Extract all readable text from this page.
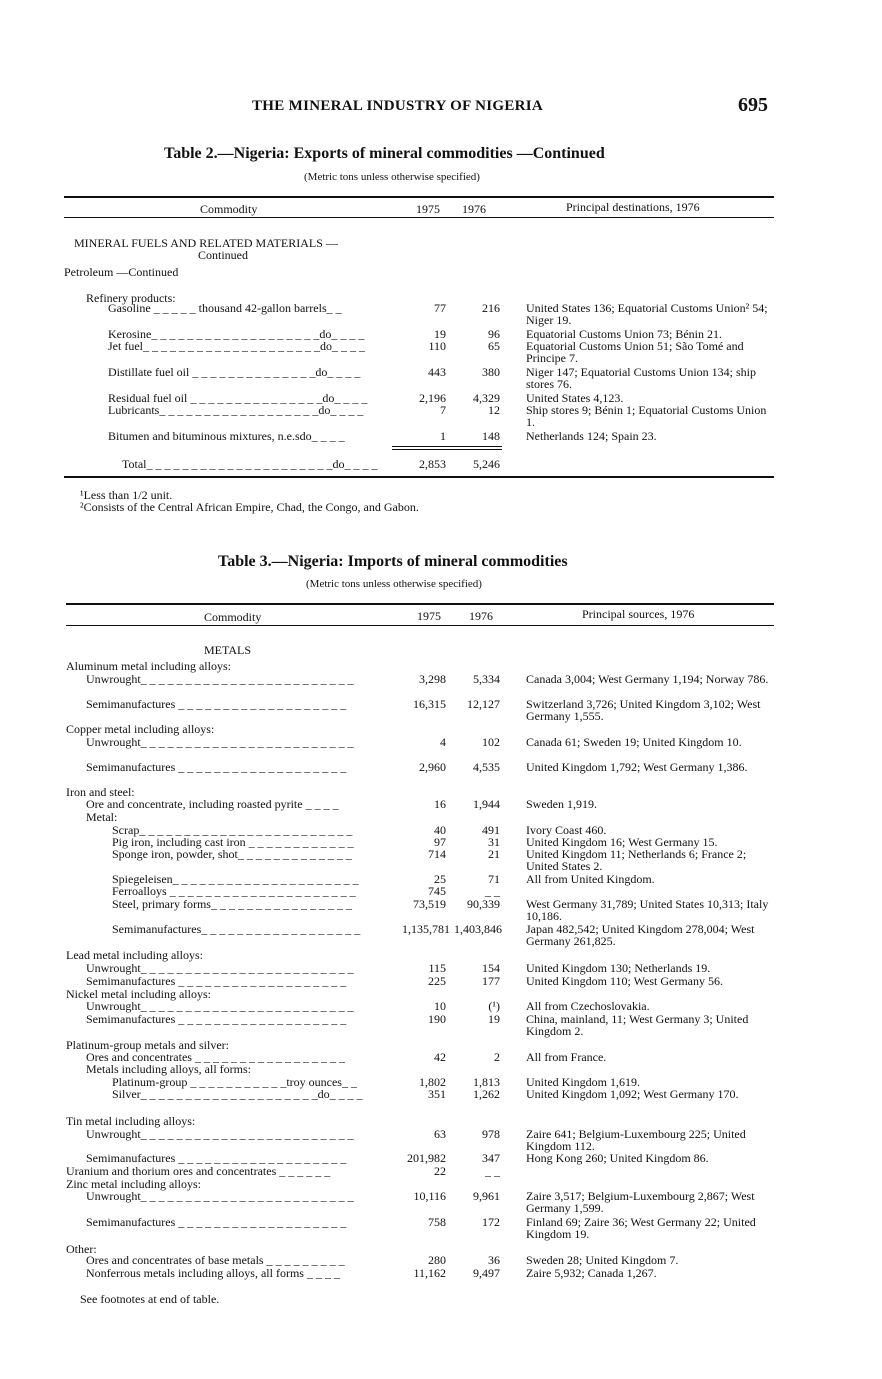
THE MINERAL INDUSTRY OF NIGERIA	695
Table 2.—Nigeria: Exports of mineral commodities —Continued
(Metric tons unless otherwise specified)
Commodity	1975 1976	Principal destinations, 1976
MINERAL FUELS AND RELATED MATERIALS —
Continued
Petroleum —Continued
Refinery products:
Gasoline _ _ _ _ _ thousand 42-gallon barrels_ _	77	216 United States 136; Equatorial Customs Union² 54; Niger 19.
Kerosine_ _ _ _ _ _ _ _ _ _ _ _ _ _ _ _ _ _ _do_ _ _ _	19	96 Equatorial Customs Union 73; Bénin 21.
Jet fuel_ _ _ _ _ _ _ _ _ _ _ _ _ _ _ _ _ _ _ _do_ _ _ _	110	65 Equatorial Customs Union 51; São Tomé and Principe 7.
Distillate fuel oil _ _ _ _ _ _ _ _ _ _ _ _ _ _do_ _ _ _	443	380 Niger 147; Equatorial Customs Union 134; ship stores 76.
Residual fuel oil _ _ _ _ _ _ _ _ _ _ _ _ _ _ _do_ _ _ _	2,196	4,329 United States 4,123.
Lubricants_ _ _ _ _ _ _ _ _ _ _ _ _ _ _ _ _ _do_ _ _ _	7	12 Ship stores 9; Bénin 1; Equatorial Customs Union 1.
Bitumen and bituminous mixtures, n.e.sdo_ _ _ _	1	148 Netherlands 124; Spain 23.
Total_ _ _ _ _ _ _ _ _ _ _ _ _ _ _ _ _ _ _ _ _do_ _ _ _	2,853	5,246
¹Less than 1/2 unit.
²Consists of the Central African Empire, Chad, the Congo, and Gabon.
Table 3.—Nigeria: Imports of mineral commodities
(Metric tons unless otherwise specified)
Commodity	1975 1976	Principal sources, 1976
METALS
Aluminum metal including alloys:
Unwrought_ _ _ _ _ _ _ _ _ _ _ _ _ _ _ _ _ _ _ _ _ _ _ _	3,298	5,334 Canada 3,004; West Germany 1,194; Norway 786.
Semimanufactures _ _ _ _ _ _ _ _ _ _ _ _ _ _ _ _ _ _ _	16,315	12,127 Switzerland 3,726; United Kingdom 3,102; West Germany 1,555.
Copper metal including alloys:
Unwrought_ _ _ _ _ _ _ _ _ _ _ _ _ _ _ _ _ _ _ _ _ _ _ _	4	102 Canada 61; Sweden 19; United Kingdom 10.
Semimanufactures _ _ _ _ _ _ _ _ _ _ _ _ _ _ _ _ _ _ _	2,960	4,535 United Kingdom 1,792; West Germany 1,386.
Iron and steel:
Ore and concentrate, including roasted pyrite _ _ _ _	16	1,944 Sweden 1,919.
Metal:
Scrap_ _ _ _ _ _ _ _ _ _ _ _ _ _ _ _ _ _ _ _ _ _ _ _	40	491 Ivory Coast 460.
Pig iron, including cast iron _ _ _ _ _ _ _ _ _ _ _ _	97	31 United Kingdom 16; West Germany 15.
Sponge iron, powder, shot_ _ _ _ _ _ _ _ _ _ _ _ _	714	21 United Kingdom 11; Netherlands 6; France 2; United States 2.
Spiegeleisen_ _ _ _ _ _ _ _ _ _ _ _ _ _ _ _ _ _ _ _ _	25	71 All from United Kingdom.
Ferroalloys _ _ _ _ _ _ _ _ _ _ _ _ _ _ _ _ _ _ _ _ _	745	_ _
Steel, primary forms_ _ _ _ _ _ _ _ _ _ _ _ _ _ _ _	73,519	90,339 West Germany 31,789; United States 10,313; Italy 10,186.
Semimanufactures_ _ _ _ _ _ _ _ _ _ _ _ _ _ _ _ _ _	1,135,781 1,403,846 Japan 482,542; United Kingdom 278,004; West Germany 261,825.
Lead metal including alloys:
Unwrought_ _ _ _ _ _ _ _ _ _ _ _ _ _ _ _ _ _ _ _ _ _ _ _	115	154 United Kingdom 130; Netherlands 19.
Semimanufactures _ _ _ _ _ _ _ _ _ _ _ _ _ _ _ _ _ _ _	225	177 United Kingdom 110; West Germany 56.
Nickel metal including alloys:
Unwrought_ _ _ _ _ _ _ _ _ _ _ _ _ _ _ _ _ _ _ _ _ _ _ _	10	(¹) All from Czechoslovakia.
Semimanufactures _ _ _ _ _ _ _ _ _ _ _ _ _ _ _ _ _ _ _	190	19 China, mainland, 11; West Germany 3; United Kingdom 2.
Platinum-group metals and silver:
Ores and concentrates _ _ _ _ _ _ _ _ _ _ _ _ _ _ _ _ _	42	2 All from France.
Metals including alloys, all forms:
Platinum-group _ _ _ _ _ _ _ _ _ _ _troy ounces_ _	1,802	1,813 United Kingdom 1,619.
Silver_ _ _ _ _ _ _ _ _ _ _ _ _ _ _ _ _ _ _ _do_ _ _ _	351	1,262 United Kingdom 1,092; West Germany 170.
Tin metal including alloys:
Unwrought_ _ _ _ _ _ _ _ _ _ _ _ _ _ _ _ _ _ _ _ _ _ _ _	63	978 Zaire 641; Belgium-Luxembourg 225; United Kingdom 112.
Semimanufactures _ _ _ _ _ _ _ _ _ _ _ _ _ _ _ _ _ _ _	201,982	347 Hong Kong 260; United Kingdom 86.
Uranium and thorium ores and concentrates _ _ _ _ _ _	22	_ _
Zinc metal including alloys:
Unwrought_ _ _ _ _ _ _ _ _ _ _ _ _ _ _ _ _ _ _ _ _ _ _ _	10,116	9,961 Zaire 3,517; Belgium-Luxembourg 2,867; West Germany 1,599.
Semimanufactures _ _ _ _ _ _ _ _ _ _ _ _ _ _ _ _ _ _ _	758	172 Finland 69; Zaire 36; West Germany 22; United Kingdom 19.
Other:
Ores and concentrates of base metals _ _ _ _ _ _ _ _ _	280	36 Sweden 28; United Kingdom 7.
Nonferrous metals including alloys, all forms _ _ _ _	11,162	9,497 Zaire 5,932; Canada 1,267.
See footnotes at end of table.
